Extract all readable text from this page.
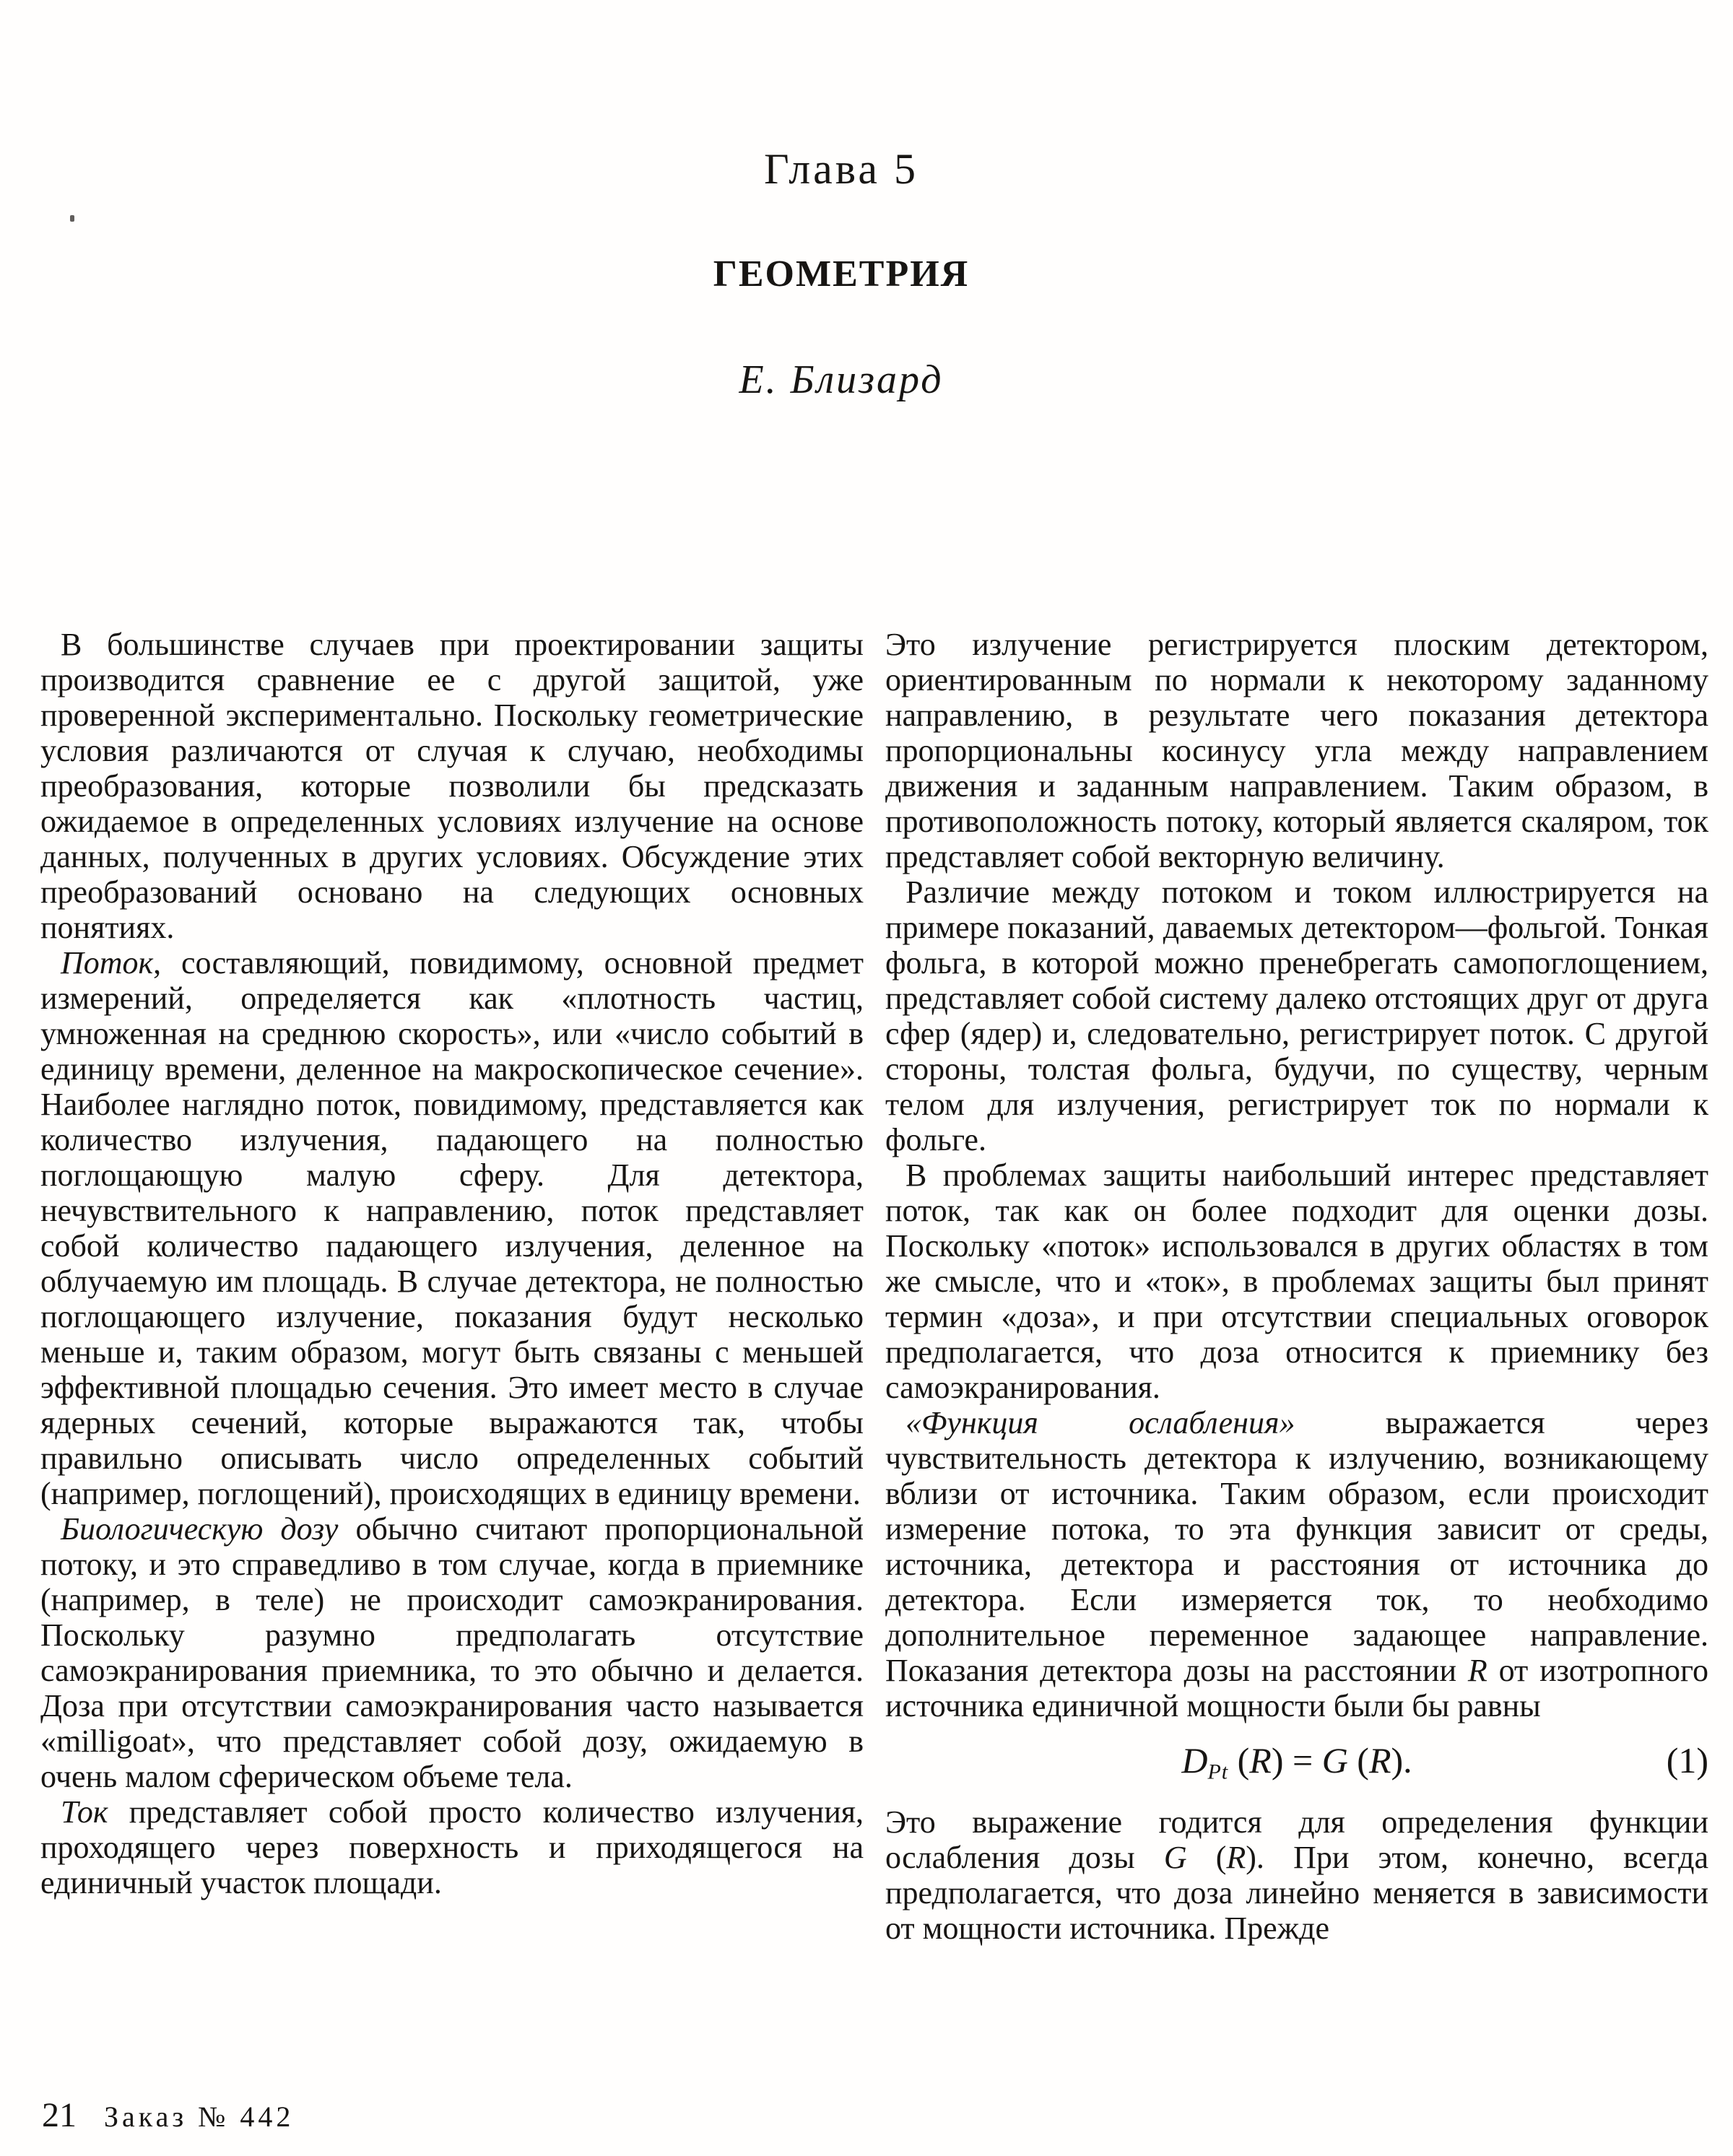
Глава 5
ГЕОМЕТРИЯ
Е. Близард

В большинстве случаев при проектировании защиты производится сравнение ее с другой защитой, уже проверенной экспериментально. Поскольку геометрические условия различаются от случая к случаю, необходимы преобразования, которые позволили бы предсказать ожидаемое в определенных условиях излучение на основе данных, полученных в других условиях. Обсуждение этих преобразований основано на следующих основных понятиях.

Поток, составляющий, повидимому, основной предмет измерений, определяется как «плотность частиц, умноженная на среднюю скорость», или «число событий в единицу времени, деленное на макроскопическое сечение». Наиболее наглядно поток, повидимому, представляется как количество излучения, падающего на полностью поглощающую малую сферу. Для детектора, нечувствительного к направлению, поток представляет собой количество падающего излучения, деленное на облучаемую им площадь. В случае детектора, не полностью поглощающего излучение, показания будут несколько меньше и, таким образом, могут быть связаны с меньшей эффективной площадью сечения. Это имеет место в случае ядерных сечений, которые выражаются так, чтобы правильно описывать число определенных событий (например, поглощений), происходящих в единицу времени.

Биологическую дозу обычно считают пропорциональной потоку, и это справедливо в том случае, когда в приемнике (например, в теле) не происходит самоэкранирования. Поскольку разумно предполагать отсутствие самоэкранирования приемника, то это обычно и делается. Доза при отсутствии самоэкранирования часто называется «milligoat», что представляет собой дозу, ожидаемую в очень малом сферическом объеме тела.

Ток представляет собой просто количество излучения, проходящего через поверхность и приходящегося на единичный участок площади.

Это излучение регистрируется плоским детектором, ориентированным по нормали к некоторому заданному направлению, в результате чего показания детектора пропорциональны косинусу угла между направлением движения и заданным направлением. Таким образом, в противоположность потоку, который является скаляром, ток представляет собой векторную величину.

Различие между потоком и током иллюстрируется на примере показаний, даваемых детектором—фольгой. Тонкая фольга, в которой можно пренебрегать самопоглощением, представляет собой систему далеко отстоящих друг от друга сфер (ядер) и, следовательно, регистрирует поток. С другой стороны, толстая фольга, будучи, по существу, черным телом для излучения, регистрирует ток по нормали к фольге.

В проблемах защиты наибольший интерес представляет поток, так как он более подходит для оценки дозы. Поскольку «поток» использовался в других областях в том же смысле, что и «ток», в проблемах защиты был принят термин «доза», и при отсутствии специальных оговорок предполагается, что доза относится к приемнику без самоэкранирования.

«Функция ослабления» выражается через чувствительность детектора к излучению, возникающему вблизи от источника. Таким образом, если происходит измерение потока, то эта функция зависит от среды, источника, детектора и расстояния от источника до детектора. Если измеряется ток, то необходимо дополнительное переменное задающее направление. Показания детектора дозы на расстоянии R от изотропного источника единичной мощности были бы равны

$D_{Pt}$ (R) = G (R).	(1)

Это выражение годится для определения функции ослабления дозы G (R). При этом, конечно, всегда предполагается, что доза линейно меняется в зависимости от мощности источника. Прежде

21 Заказ № 442
